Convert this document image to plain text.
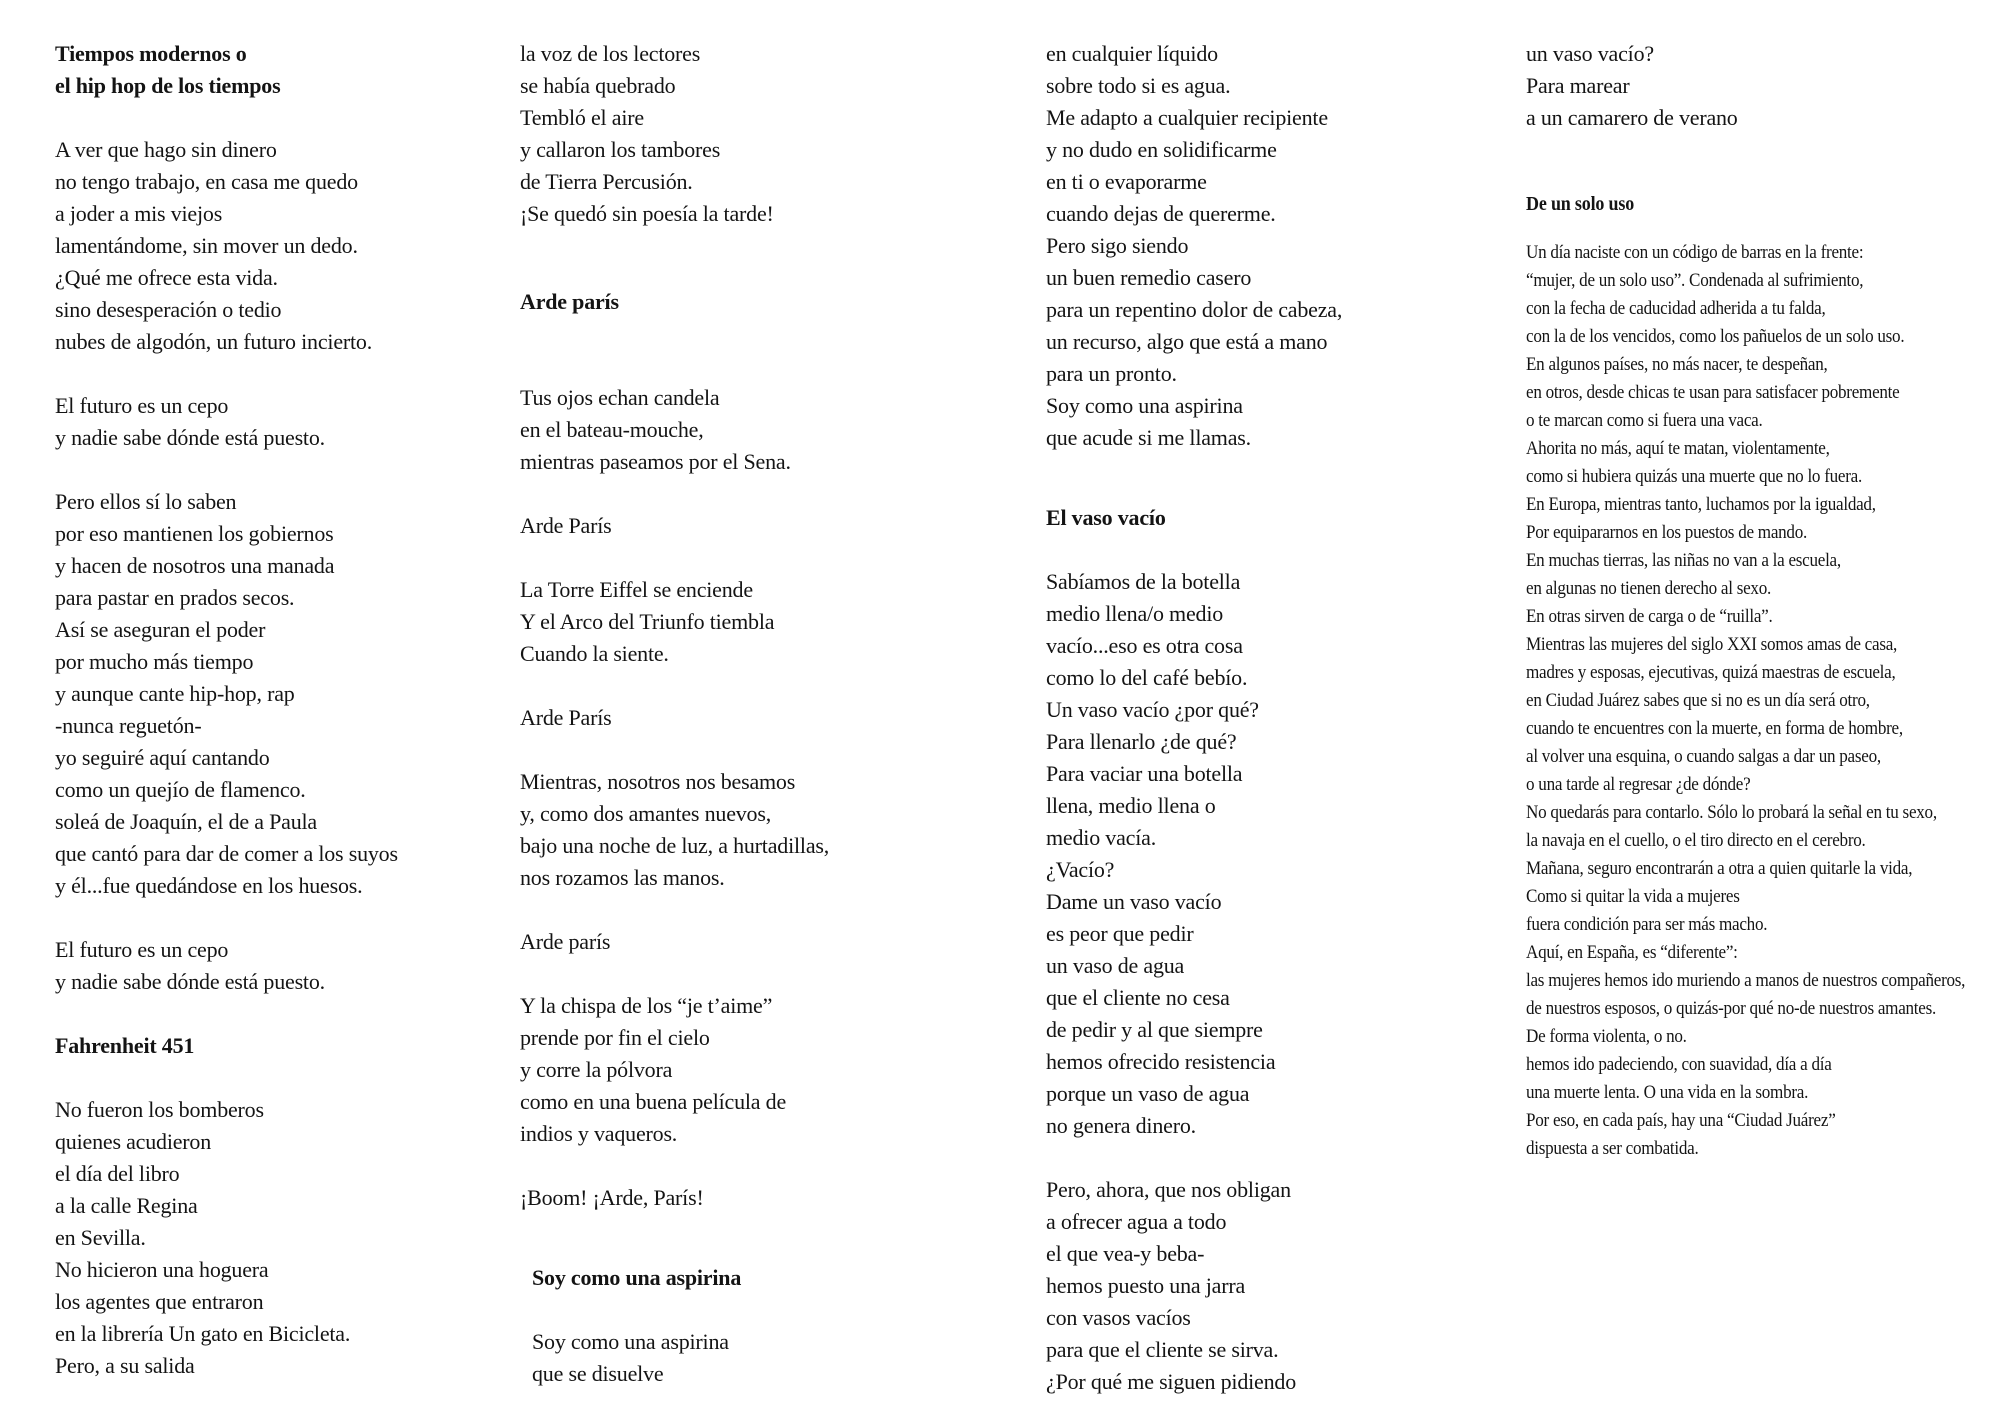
Tiempos modernos o

el hip hop de los tiempos

A ver que hago sin dinero

no tengo trabajo, en casa me quedo

a joder a mis viejos

lamentándome, sin mover un dedo.

¿Qué me ofrece esta vida.

sino desesperación o tedio

nubes de algodón, un futuro incierto.

El futuro es un cepo

y nadie sabe dónde está puesto.

Pero ellos sí lo saben

por eso mantienen los gobiernos

y hacen de nosotros una manada

para pastar en prados secos.

Así se aseguran el poder

por mucho más tiempo

y aunque cante hip-hop, rap

-nunca reguetón-

yo seguiré aquí cantando

como un quejío de flamenco.

soleá de Joaquín, el de a Paula

que cantó para dar de comer a los suyos

y él...fue quedándose en los huesos.

El futuro es un cepo

y nadie sabe dónde está puesto.

Fahrenheit 451

No fueron los bomberos

quienes acudieron

el día del libro

a la calle Regina

en Sevilla.

No hicieron una hoguera

los agentes que entraron

en la librería Un gato en Bicicleta.

Pero, a su salida

la voz de los lectores

se había quebrado

Tembló el aire

y callaron los tambores

de Tierra Percusión.

¡Se quedó sin poesía la tarde!

Arde parís

Tus ojos echan candela

en el bateau-mouche,

mientras paseamos por el Sena.

Arde París

La Torre Eiffel se enciende

Y el Arco del Triunfo tiembla

Cuando la siente.

Arde París

Mientras, nosotros nos besamos

y, como dos amantes nuevos,

bajo una noche de luz, a hurtadillas,

nos rozamos las manos.

Arde parís

Y la chispa de los “je t’aime”

prende por fin el cielo

y corre la pólvora

como en una buena película de

indios y vaqueros.

¡Boom! ¡Arde, París!

Soy como una aspirina

Soy como una aspirina

que se disuelve

en cualquier líquido

sobre todo si es agua.

Me adapto a cualquier recipiente

y no dudo en solidificarme

en ti o evaporarme

cuando dejas de quererme.

Pero sigo siendo

un buen remedio casero

para un repentino dolor de cabeza,

un recurso, algo que está a mano

para un pronto.

Soy como una aspirina

que acude si me llamas.

El vaso vacío

Sabíamos de la botella

medio llena/o medio

vacío...eso es otra cosa

como lo del café bebío.

Un vaso vacío ¿por qué?

Para llenarlo ¿de qué?

Para vaciar una botella

llena, medio llena o

medio vacía.

¿Vacío?

Dame un vaso vacío

es peor que pedir

un vaso de agua

que el cliente no cesa

de pedir y al que siempre

hemos ofrecido resistencia

porque un vaso de agua

no genera dinero.

Pero, ahora, que nos obligan

a ofrecer agua a todo

el que vea-y beba-

hemos puesto una jarra

con vasos vacíos

para que el cliente se sirva.

¿Por qué me siguen pidiendo

un vaso vacío?

Para marear

a un camarero de verano

De un solo uso

Un día naciste con un código de barras en la frente:

“mujer, de un solo uso”. Condenada al sufrimiento,

con la fecha de caducidad adherida a tu falda,

con la de los vencidos, como los pañuelos de un solo uso.

En algunos países, no más nacer, te despeñan,

en otros, desde chicas te usan para satisfacer pobremente

o te marcan como si fuera una vaca.

Ahorita no más, aquí te matan, violentamente,

como si hubiera quizás una muerte que no lo fuera.

En Europa, mientras tanto, luchamos por la igualdad,

Por equipararnos en los puestos de mando.

En muchas tierras, las niñas no van a la escuela,

en algunas no tienen derecho al sexo.

En otras sirven de carga o de “ruilla”.

Mientras las mujeres del siglo XXI somos amas de casa,

madres y esposas, ejecutivas, quizá maestras de escuela,

en Ciudad Juárez sabes que si no es un día será otro,

cuando te encuentres con la muerte, en forma de hombre,

al volver una esquina, o cuando salgas a dar un paseo,

o una tarde al regresar ¿de dónde?

No quedarás para contarlo. Sólo lo probará la señal en tu sexo,

la navaja en el cuello, o el tiro directo en el cerebro.

Mañana, seguro encontrarán a otra a quien quitarle la vida,

Como si quitar la vida a mujeres

fuera condición para ser más macho.

Aquí, en España, es “diferente”:

las mujeres hemos ido muriendo a manos de nuestros compañeros,

de nuestros esposos, o quizás-por qué no-de nuestros amantes.

De forma violenta, o no.

hemos ido padeciendo, con suavidad, día a día

una muerte lenta. O una vida en la sombra.

Por eso, en cada país, hay una “Ciudad Juárez”

dispuesta a ser combatida.
